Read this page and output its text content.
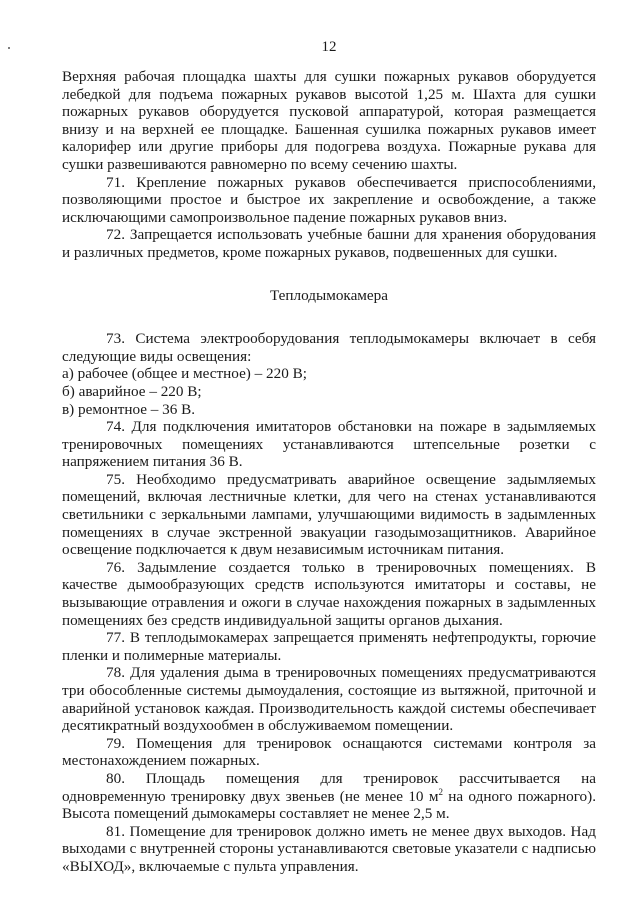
12

Верхняя рабочая площадка шахты для сушки пожарных рукавов оборудуется лебедкой для подъема пожарных рукавов высотой 1,25 м. Шахта для сушки пожарных рукавов оборудуется пусковой аппаратурой, которая размещается внизу и на верхней ее площадке. Башенная сушилка пожарных рукавов имеет калорифер или другие приборы для подогрева воздуха. Пожарные рукава для сушки развешиваются равномерно по всему сечению шахты.

71. Крепление пожарных рукавов обеспечивается приспособлениями, позволяющими простое и быстрое их закрепление и освобождение, а также исключающими самопроизвольное падение пожарных рукавов вниз.

72. Запрещается использовать учебные башни для хранения оборудования и различных предметов, кроме пожарных рукавов, подвешенных для сушки.

Теплодымокамера

73. Система электрооборудования теплодымокамеры включает в себя следующие виды освещения:

а) рабочее (общее и местное) – 220 В;

б) аварийное – 220 В;

в) ремонтное – 36 В.

74. Для подключения имитаторов обстановки на пожаре в задымляемых тренировочных помещениях устанавливаются штепсельные розетки с напряжением питания 36 В.

75. Необходимо предусматривать аварийное освещение задымляемых помещений, включая лестничные клетки, для чего на стенах устанавливаются светильники с зеркальными лампами, улучшающими видимость в задымленных помещениях в случае экстренной эвакуации газодымозащитников. Аварийное освещение подключается к двум независимым источникам питания.

76. Задымление создается только в тренировочных помещениях. В качестве дымообразующих средств используются имитаторы и составы, не вызывающие отравления и ожоги в случае нахождения пожарных в задымленных помещениях без средств индивидуальной защиты органов дыхания.

77. В теплодымокамерах запрещается применять нефтепродукты, горючие пленки и полимерные материалы.

78. Для удаления дыма в тренировочных помещениях предусматриваются три обособленные системы дымоудаления, состоящие из вытяжной, приточной и аварийной установок каждая. Производительность каждой системы обеспечивает десятикратный воздухообмен в обслуживаемом помещении.

79. Помещения для тренировок оснащаются системами контроля за местонахождением пожарных.

80. Площадь помещения для тренировок рассчитывается на одновременную тренировку двух звеньев (не менее 10 $м^2$ на одного пожарного). Высота помещений дымокамеры составляет не менее 2,5 м.

81. Помещение для тренировок должно иметь не менее двух выходов. Над выходами с внутренней стороны устанавливаются световые указатели с надписью «ВЫХОД», включаемые с пульта управления.
